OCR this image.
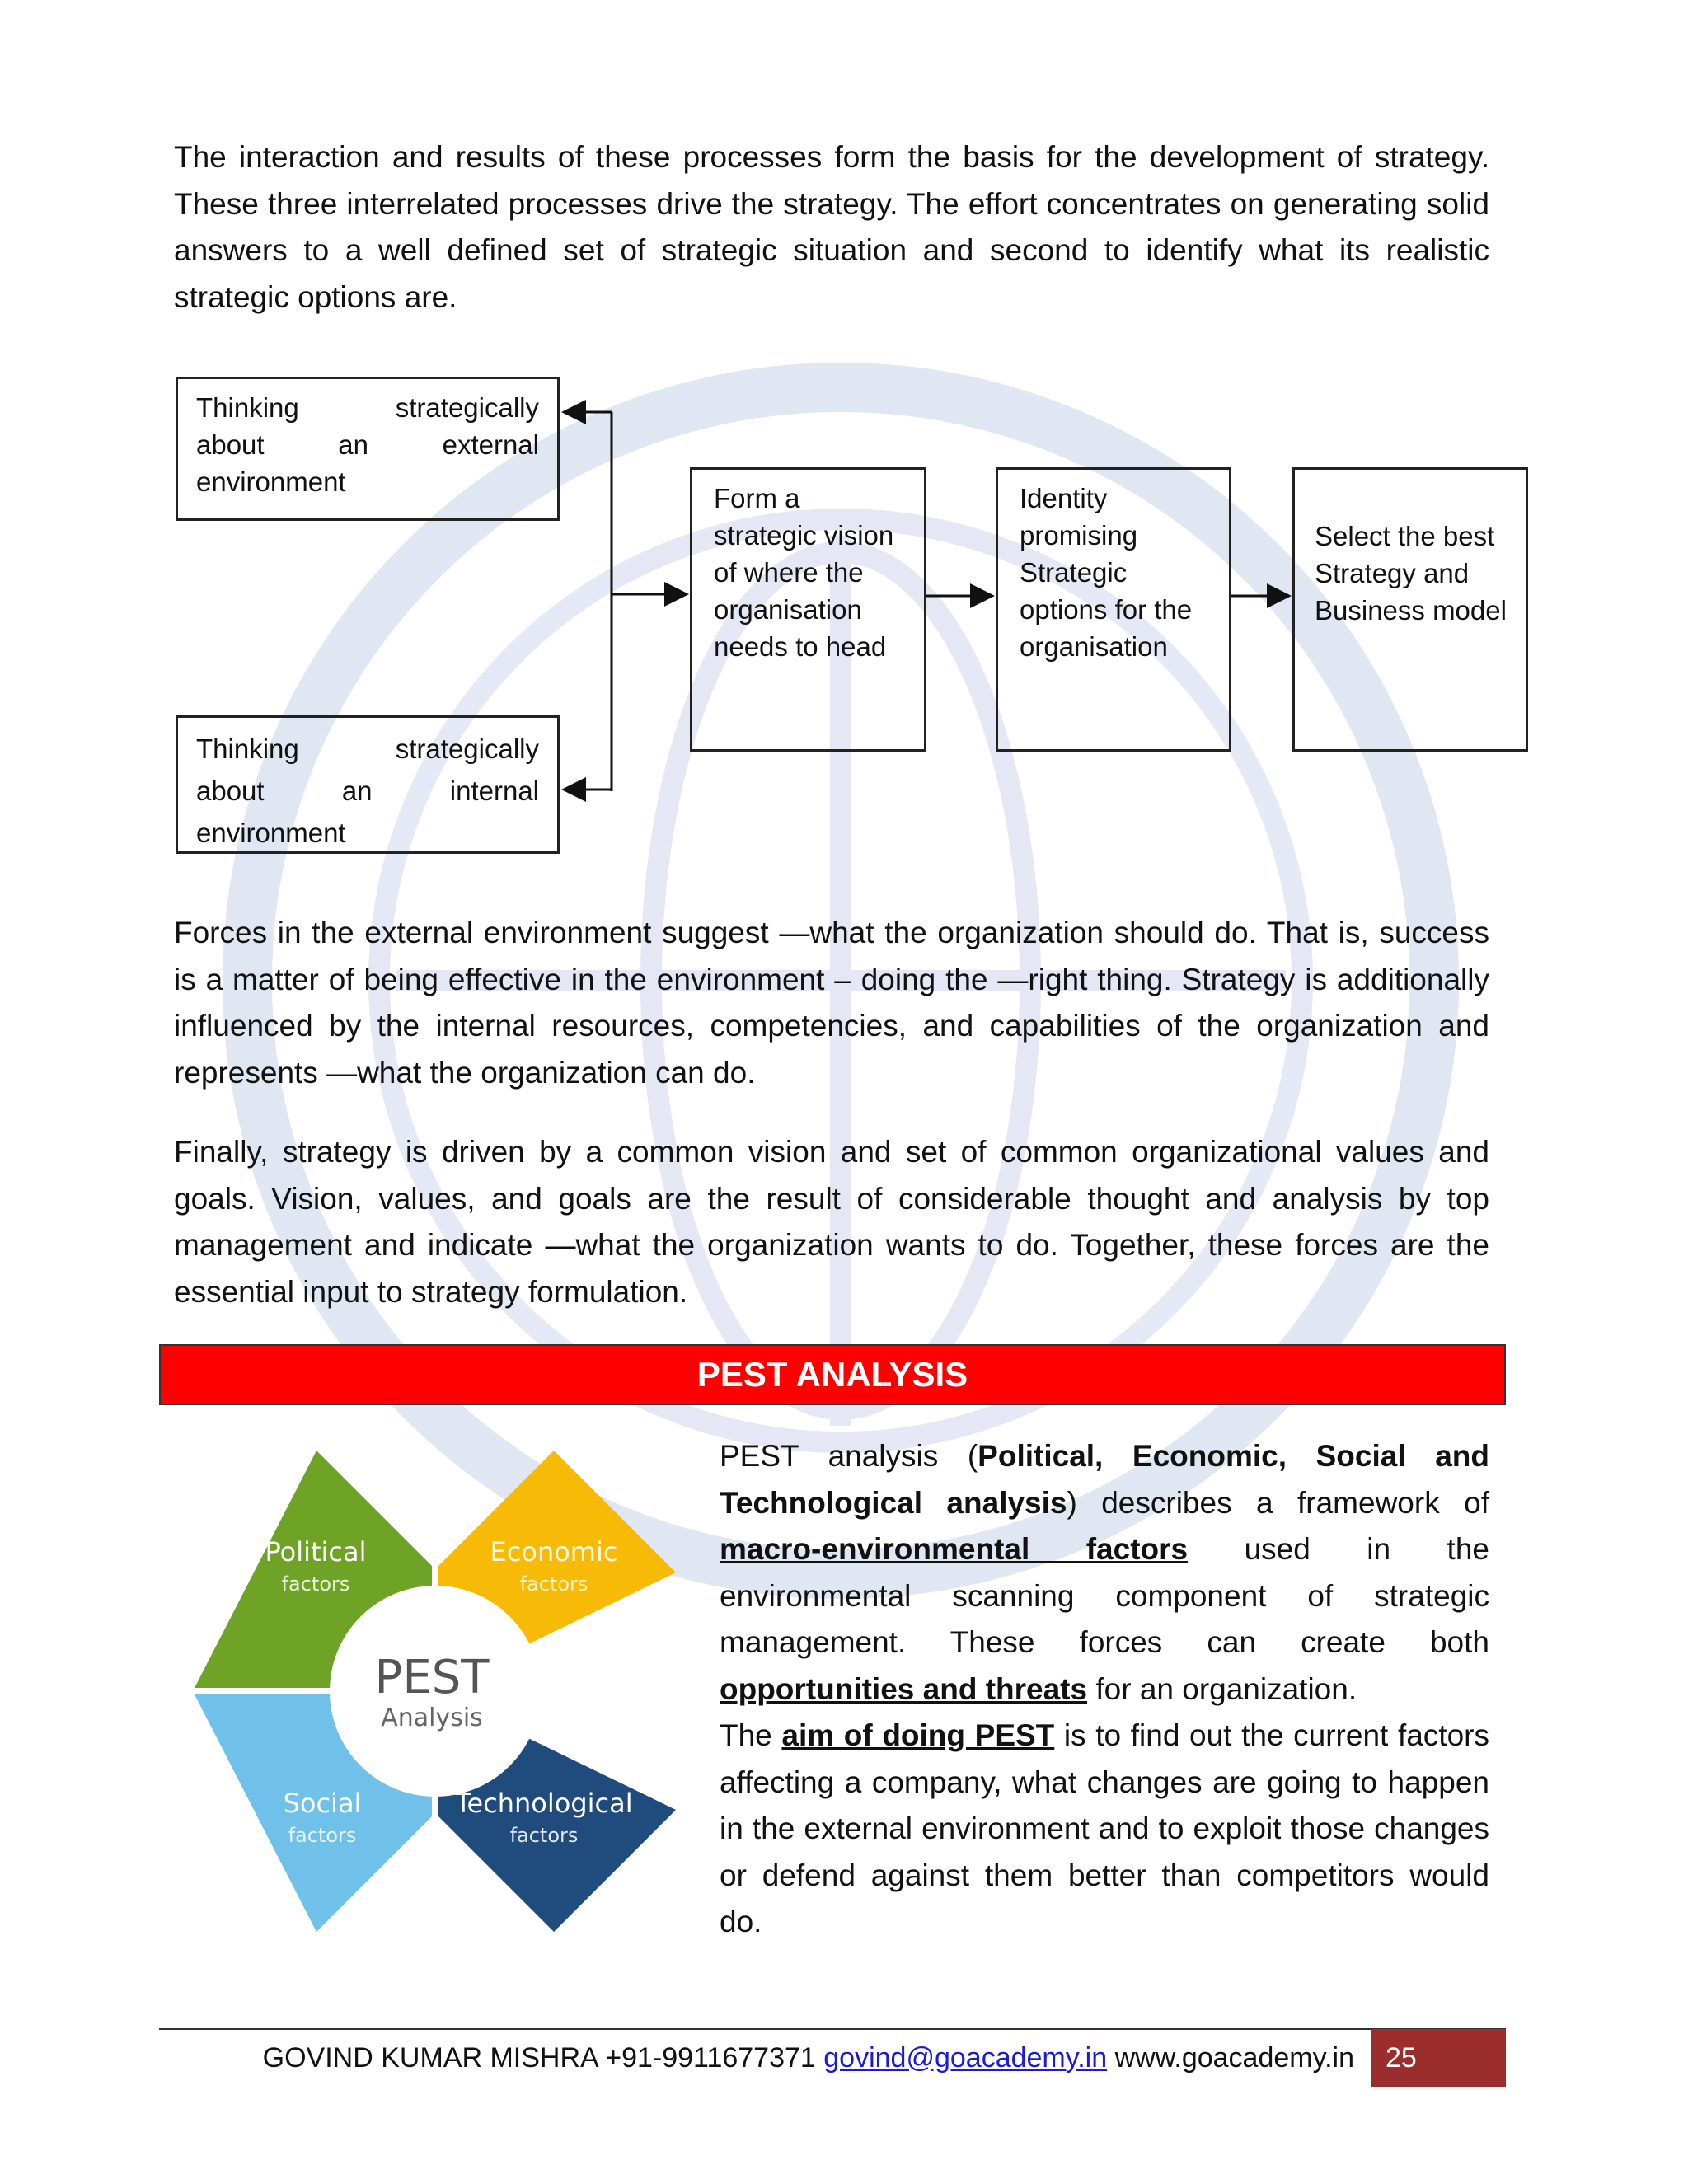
The interaction and results of these processes form the basis for the development of strategy. These three interrelated processes drive the strategy. The effort concentrates on generating solid answers to a well defined set of strategic situation and second to identify what its realistic strategic options are.

Thinking strategically
about an external
environment
Thinking strategically
about an internal
environment
Form a strategic vision of where the organisation needs to head
Identity promising Strategic options for the organisation
Select the best Strategy and Business model

Forces in the external environment suggest —what the organization should do. That is, success is a matter of being effective in the environment – doing the —right thing. Strategy is additionally influenced by the internal resources, competencies, and capabilities of the organization and represents —what the organization can do.

Finally, strategy is driven by a common vision and set of common organizational values and goals. Vision, values, and goals are the result of considerable thought and analysis by top management and indicate —what the organization wants to do. Together, these forces are the essential input to strategy formulation.

PEST ANALYSIS
Political
factors
Economic
factors
Social
factors
Technological
factors
PEST
Analysis
PEST analysis (Political, Economic, Social and Technological analysis) describes a framework of macro-environmental factors used in the environmental scanning component of strategic management. These forces can create both opportunities and threats for an organization.
The aim of doing PEST is to find out the current factors affecting a company, what changes are going to happen in the external environment and to exploit those changes or defend against them better than competitors would do.
GOVIND KUMAR MISHRA +91-9911677371
govind@goacademy.in
www.goacademy.in	25
